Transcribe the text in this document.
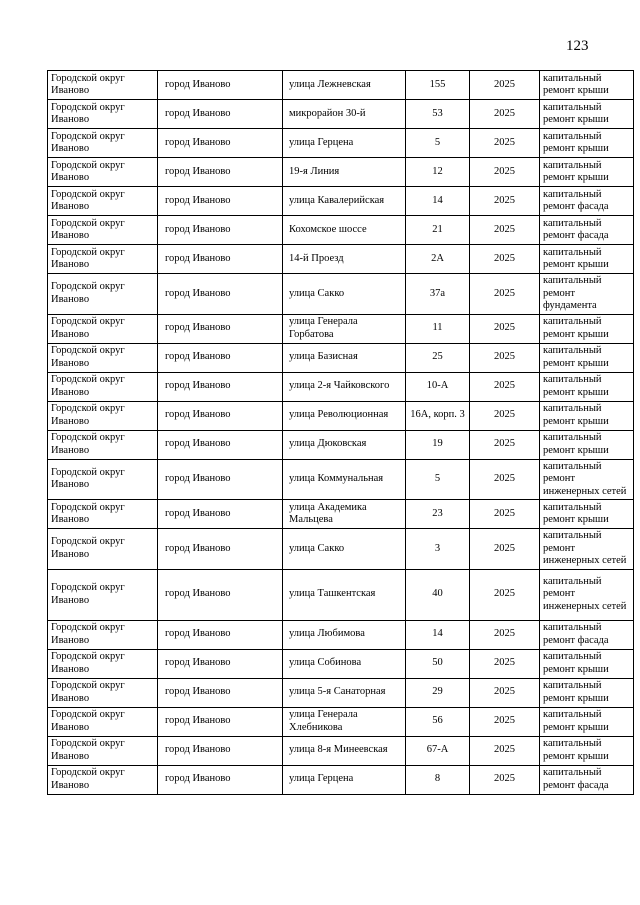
123
Городской округ Иваново	город Иваново	улица Лежневская	155	2025	капитальный ремонт крыши
Городской округ Иваново	город Иваново	микрорайон 30-й	53	2025	капитальный ремонт крыши
Городской округ Иваново	город Иваново	улица Герцена	5	2025	капитальный ремонт крыши
Городской округ Иваново	город Иваново	19-я Линия	12	2025	капитальный ремонт крыши
Городской округ Иваново	город Иваново	улица Кавалерийская	14	2025	капитальный ремонт фасада
Городской округ Иваново	город Иваново	Кохомское шоссе	21	2025	капитальный ремонт фасада
Городской округ Иваново	город Иваново	14-й Проезд	2А	2025	капитальный ремонт крыши
Городской округ Иваново	город Иваново	улица Сакко	37а	2025	капитальный ремонт фундамента
Городской округ Иваново	город Иваново	улица Генерала Горбатова	11	2025	капитальный ремонт крыши
Городской округ Иваново	город Иваново	улица Базисная	25	2025	капитальный ремонт крыши
Городской округ Иваново	город Иваново	улица 2-я Чайковского	10-А	2025	капитальный ремонт крыши
Городской округ Иваново	город Иваново	улица Революционная	16А, корп. 3	2025	капитальный ремонт крыши
Городской округ Иваново	город Иваново	улица Дюковская	19	2025	капитальный ремонт крыши
Городской округ Иваново	город Иваново	улица Коммунальная	5	2025	капитальный ремонт инженерных сетей
Городской округ Иваново	город Иваново	улица Академика Мальцева	23	2025	капитальный ремонт крыши
Городской округ Иваново	город Иваново	улица Сакко	3	2025	капитальный ремонт инженерных сетей
Городской округ Иваново	город Иваново	улица Ташкентская	40	2025	капитальный ремонт инженерных сетей
Городской округ Иваново	город Иваново	улица Любимова	14	2025	капитальный ремонт фасада
Городской округ Иваново	город Иваново	улица Собинова	50	2025	капитальный ремонт крыши
Городской округ Иваново	город Иваново	улица 5-я Санаторная	29	2025	капитальный ремонт крыши
Городской округ Иваново	город Иваново	улица Генерала Хлебникова	56	2025	капитальный ремонт крыши
Городской округ Иваново	город Иваново	улица 8-я Минеевская	67-А	2025	капитальный ремонт крыши
Городской округ Иваново	город Иваново	улица Герцена	8	2025	капитальный ремонт фасада
